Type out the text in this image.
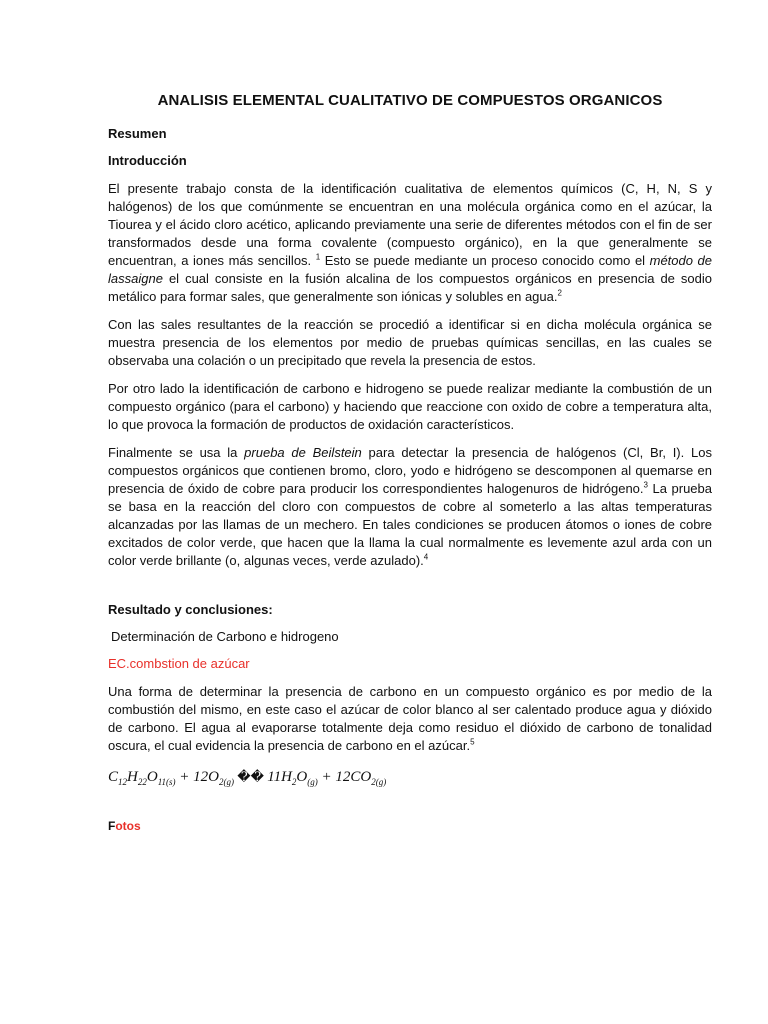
ANALISIS ELEMENTAL CUALITATIVO DE COMPUESTOS ORGANICOS
Resumen
Introducción

El presente trabajo consta de la identificación cualitativa de elementos químicos (C, H, N, S y halógenos) de los que comúnmente se encuentran en una molécula orgánica como en el azúcar, la Tiourea y el ácido cloro acético, aplicando previamente una serie de diferentes métodos con el fin de ser transformados desde una forma covalente (compuesto orgánico), en la que generalmente se encuentran, a iones más sencillos. $^1$ Esto se puede mediante un proceso conocido como el método de lassaigne el cual consiste en la fusión alcalina de los compuestos orgánicos en presencia de sodio metálico para formar sales, que generalmente son iónicas y solubles en agua.$^2$

Con las sales resultantes de la reacción se procedió a identificar si en dicha molécula orgánica se muestra presencia de los elementos por medio de pruebas químicas sencillas, en las cuales se observaba una colación o un precipitado que revela la presencia de estos.

Por otro lado la identificación de carbono e hidrogeno se puede realizar mediante la combustión de un compuesto orgánico (para el carbono) y haciendo que reaccione con oxido de cobre a temperatura alta, lo que provoca la formación de productos de oxidación característicos.

Finalmente se usa la prueba de Beilstein para detectar la presencia de halógenos (Cl, Br, I). Los compuestos orgánicos que contienen bromo, cloro, yodo e hidrógeno se descomponen al quemarse en presencia de óxido de cobre para producir los correspondientes halogenuros de hidrógeno.$^3$ La prueba se basa en la reacción del cloro con compuestos de cobre al someterlo a las altas temperaturas alcanzadas por las llamas de un mechero. En tales condiciones se producen átomos o iones de cobre excitados de color verde, que hacen que la llama la cual normalmente es levemente azul arda con un color verde brillante (o, algunas veces, verde azulado).$^4$

Resultado y conclusiones:
Determinación de Carbono e hidrogeno
EC.combstion de azúcar

Una forma de determinar la presencia de carbono en un compuesto orgánico es por medio de la combustión del mismo, en este caso el azúcar de color blanco al ser calentado produce agua y dióxido de carbono. El agua al evaporarse totalmente deja como residuo el dióxido de carbono de tonalidad oscura, el cual evidencia la presencia de carbono en el azúcar.$^5$

$C_{12}H_{22}O_{11(s)} + 12O_{2(g)}$ �� $11H_2O_{(g)} + 12CO_{2(g)}$
Fotos
